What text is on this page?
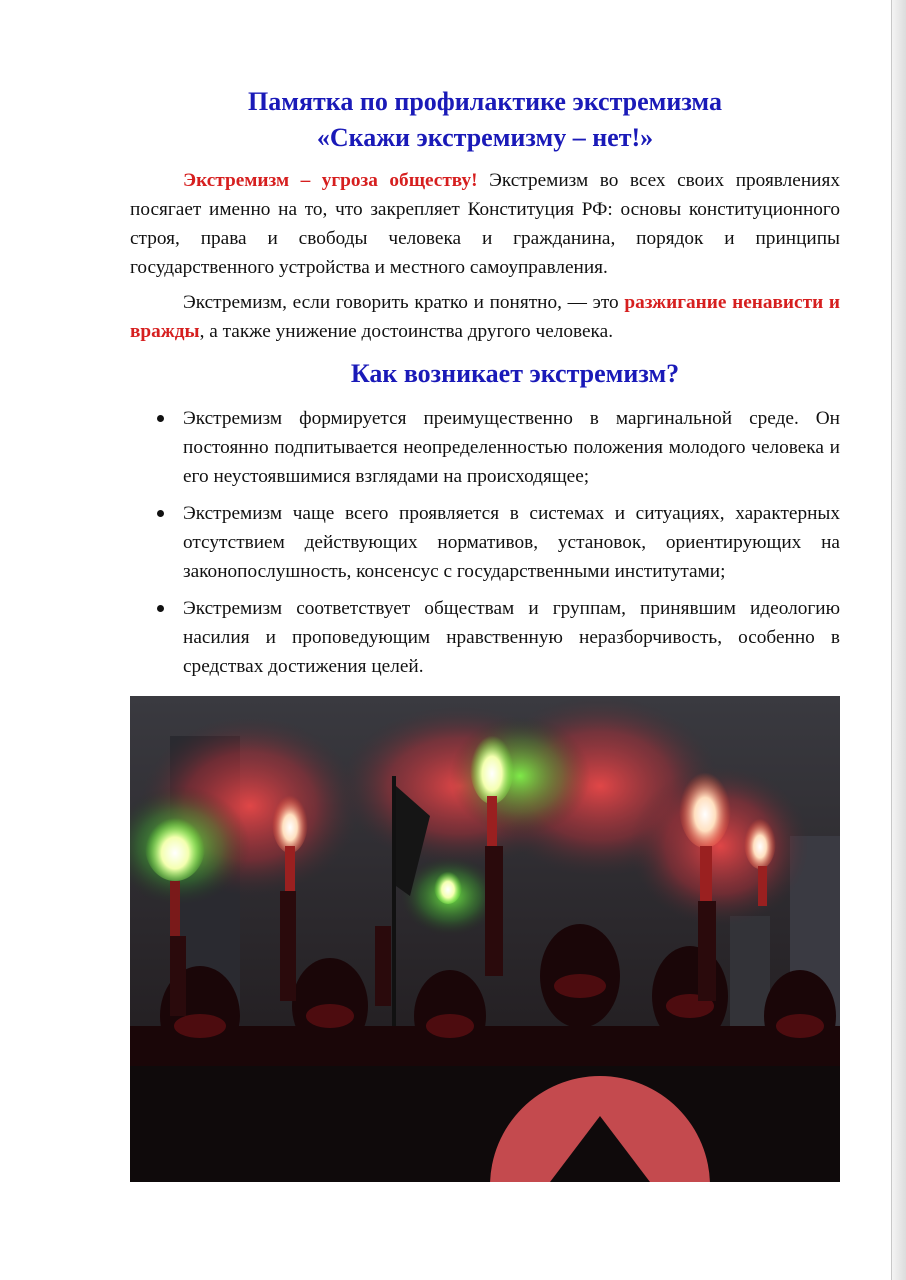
Памятка по профилактике экстремизма
«Скажи экстремизму – нет!»

Экстремизм – угроза обществу! Экстремизм во всех своих проявлениях посягает именно на то, что закрепляет Конституция РФ: основы конституционного строя, права и свободы человека и гражданина, порядок и принципы государственного устройства и местного самоуправления.

Экстремизм, если говорить кратко и понятно, — это разжигание ненависти и вражды, а также унижение достоинства другого человека.

Как возникает экстремизм?
Экстремизм формируется преимущественно в маргинальной среде. Он постоянно подпитывается неопределенностью положения молодого человека и его неустоявшимися взглядами на происходящее;
Экстремизм чаще всего проявляется в системах и ситуациях, характерных отсутствием действующих нормативов, установок, ориентирующих на законопослушность, консенсус с государственными институтами;
Экстремизм соответствует обществам и группам, принявшим идеологию насилия и проповедующим нравственную неразборчивость, особенно в средствах достижения целей.
